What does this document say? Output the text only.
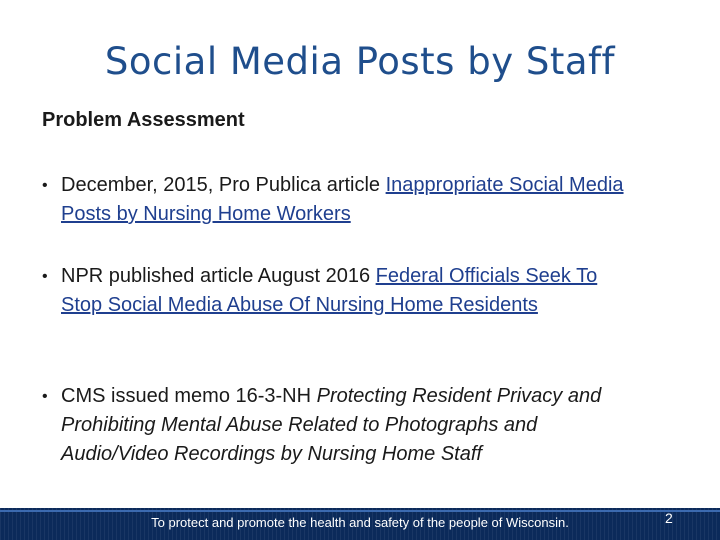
Social Media Posts by Staff
Problem Assessment
• December, 2015, Pro Publica article Inappropriate Social Media Posts by Nursing Home Workers
• NPR published article August 2016 Federal Officials Seek To Stop Social Media Abuse Of Nursing Home Residents
• CMS issued memo 16-3-NH Protecting Resident Privacy and Prohibiting Mental Abuse Related to Photographs and Audio/Video Recordings by Nursing Home Staff
To protect and promote the health and safety of the people of Wisconsin.	2
